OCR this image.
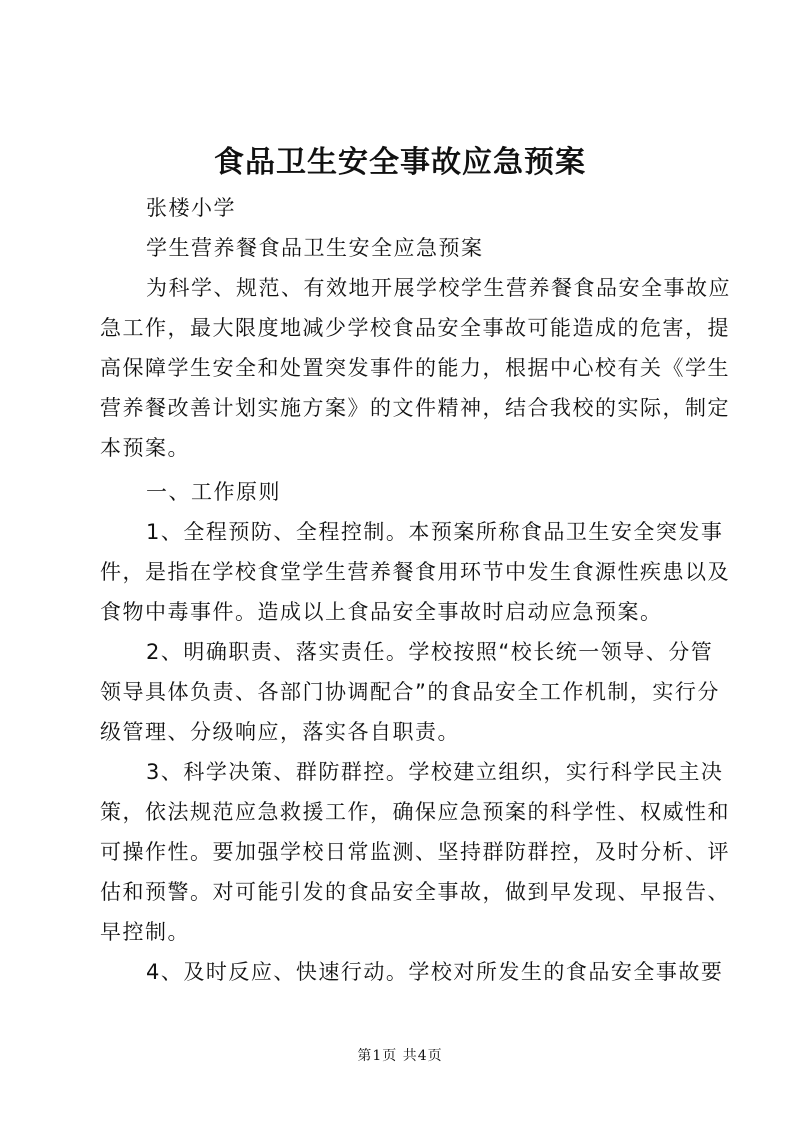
食品卫生安全事故应急预案
张楼小学
学生营养餐食品卫生安全应急预案
为科学、规范、有效地开展学校学生营养餐食品安全事故应
急工作，最大限度地减少学校食品安全事故可能造成的危害，提
高保障学生安全和处置突发事件的能力，根据中心校有关《学生
营养餐改善计划实施方案》的文件精神，结合我校的实际，制定
本预案。
一、工作原则
1、全程预防、全程控制。本预案所称食品卫生安全突发事
件，是指在学校食堂学生营养餐食用环节中发生食源性疾患以及
食物中毒事件。造成以上食品安全事故时启动应急预案。
2、明确职责、落实责任。学校按照“校长统一领导、分管
领导具体负责、各部门协调配合”的食品安全工作机制，实行分
级管理、分级响应，落实各自职责。
3、科学决策、群防群控。学校建立组织，实行科学民主决
策，依法规范应急救援工作，确保应急预案的科学性、权威性和
可操作性。要加强学校日常监测、坚持群防群控，及时分析、评
估和预警。对可能引发的食品安全事故，做到早发现、早报告、
早控制。
4、及时反应、快速行动。学校对所发生的食品安全事故要
第1页 共4页
